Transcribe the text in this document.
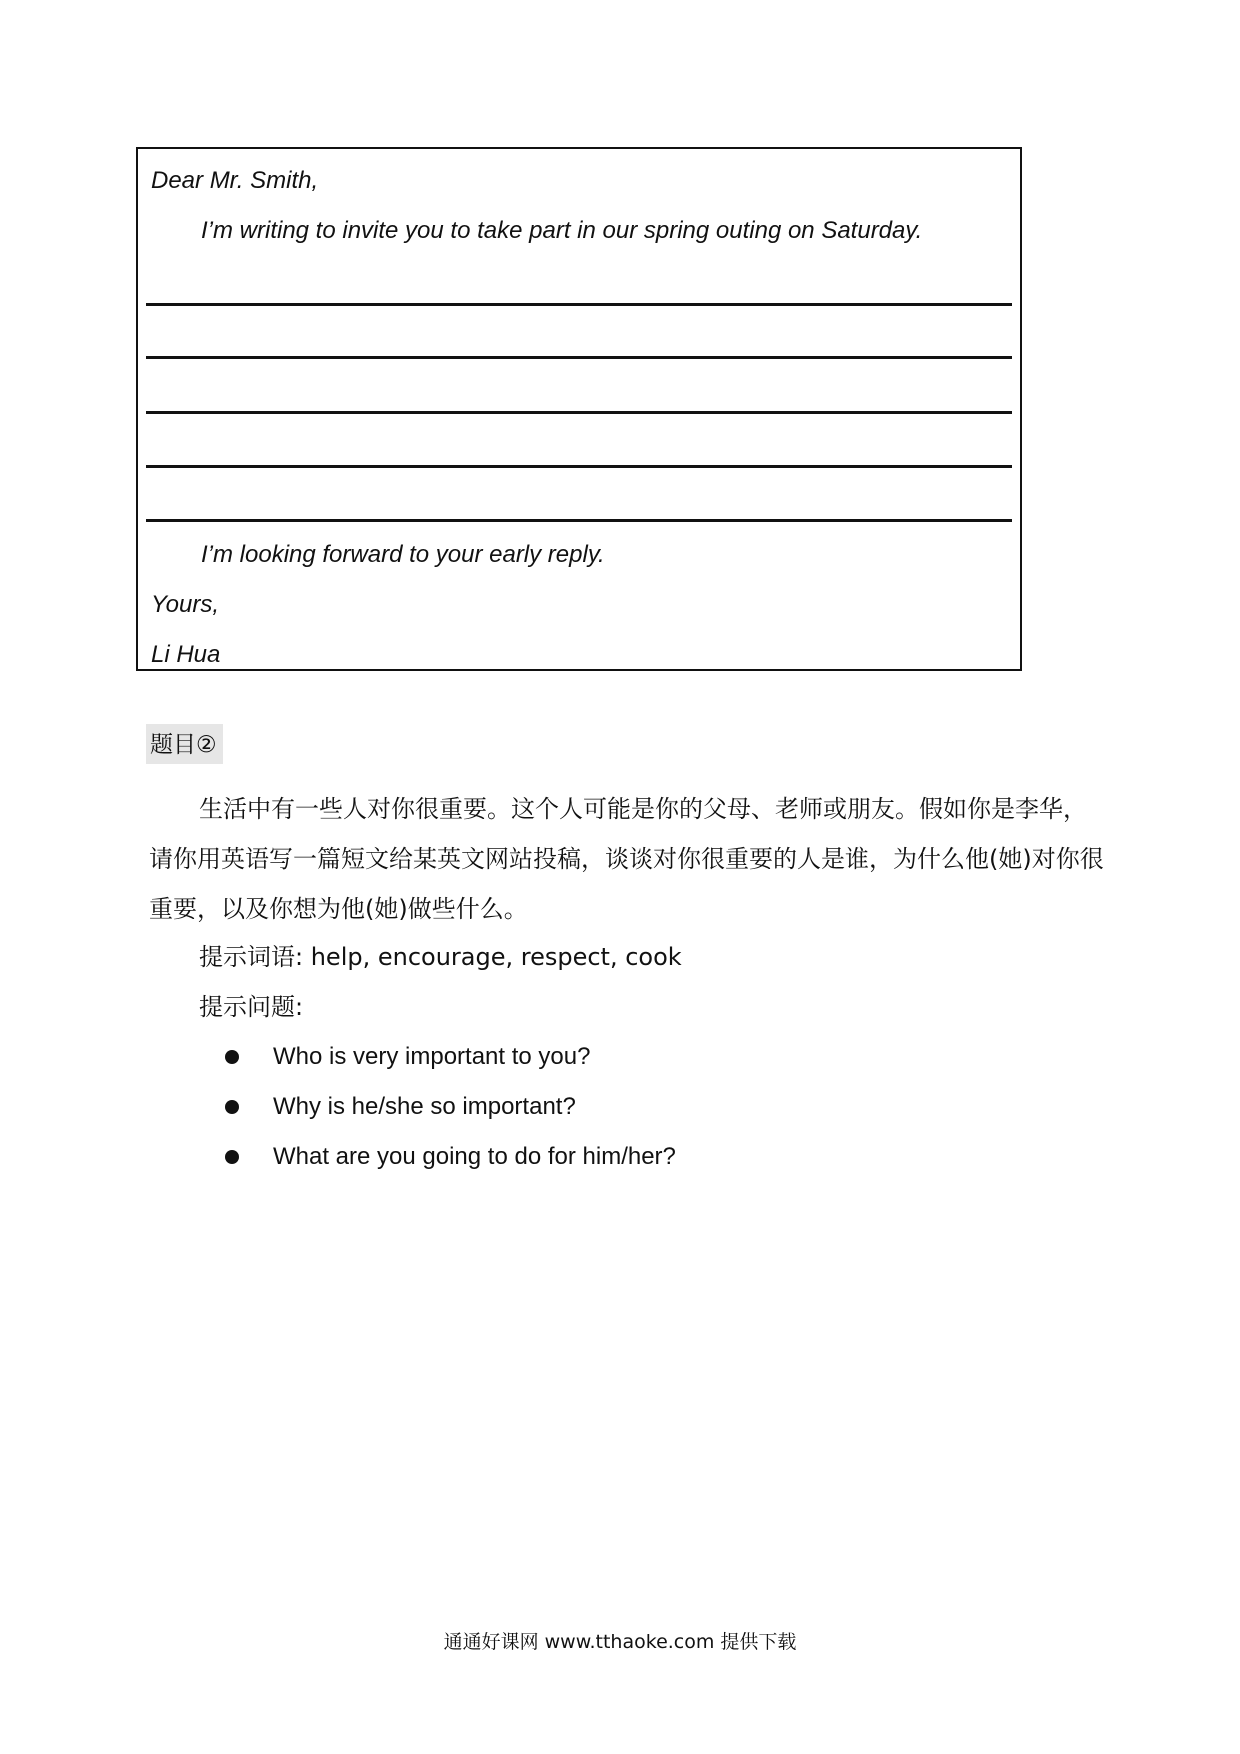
Dear Mr. Smith,
I’m writing to invite you to take part in our spring outing on Saturday.
I’m looking forward to your early reply.
Yours,
Li Hua
题目②
生活中有一些人对你很重要。这个人可能是你的父母、老师或朋友。假如你是李华，请你用英语写一篇短文给某英文网站投稿，谈谈对你很重要的人是谁，为什么他(她)对你很重要，以及你想为他(她)做些什么。
提示词语: help, encourage, respect, cook
提示问题:
Who is very important to you?
Why is he/she so important?
What are you going to do for him/her?
通通好课网 www.tthaoke.com 提供下载
